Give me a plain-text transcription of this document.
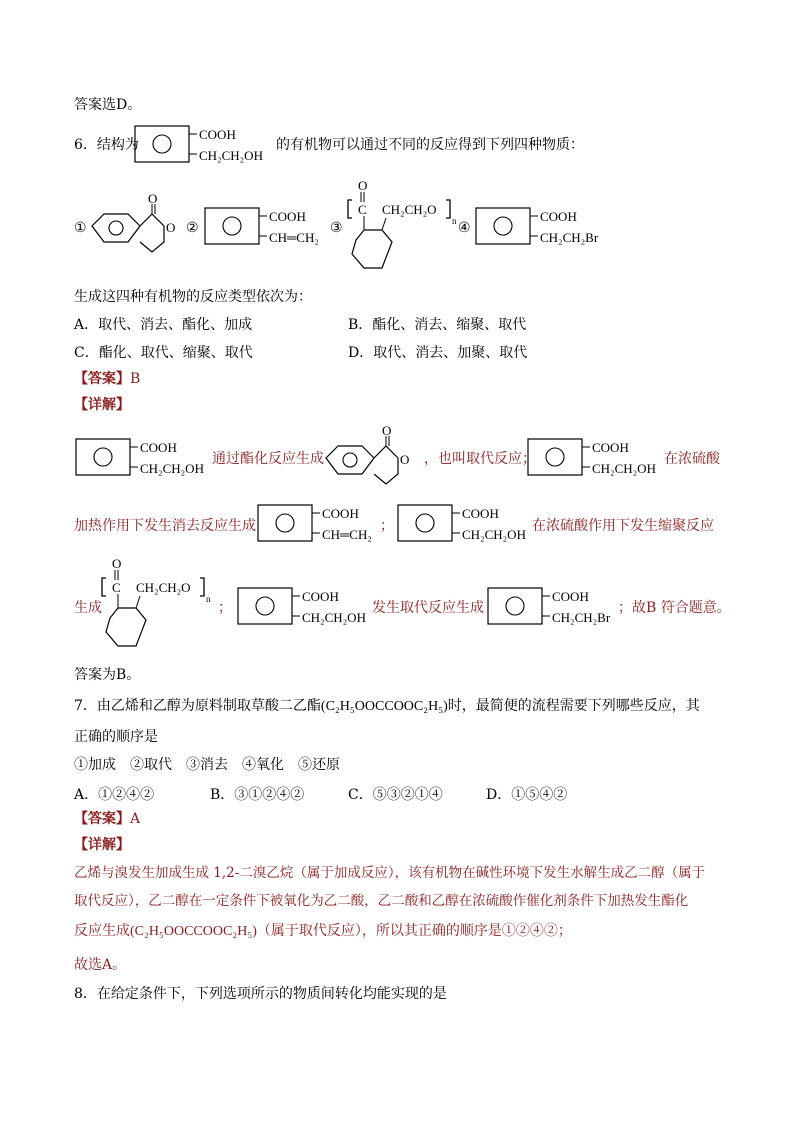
答案选D。
6．结构为
COOH
CH₂CH₂OH
的有机物可以通过不同的反应得到下列四种物质：
①
O
O ②
COOH
CH═CH₂
③
C
O
CH₂CH₂O
n ④
COOH
CH₂CH₂Br
生成这四种有机物的反应类型依次为：
A．取代、消去、酯化、加成	B．酯化、消去、缩聚、取代
C．酯化、取代、缩聚、取代	D．取代、消去、加聚、取代
【答案】B
【详解】
COOH
CH₂CH₂OH
通过酯化反应生成
O
O ，也叫取代反应；
COOH
CH₂CH₂OH
在浓硫酸
加热作用下发生消去反应生成
COOH
CH═CH₂
；
COOH
CH₂CH₂OH
在浓硫酸作用下发生缩聚反应
生成
C
O
CH₂CH₂O
n
；
COOH
CH₂CH₂OH
发生取代反应生成
COOH
CH₂CH₂Br
；故B 符合题意。
答案为B。
7．由乙烯和乙醇为原料制取草酸二乙酯(C₂H₅OOCCOOC₂H₅)时，最简便的流程需要下列哪些反应，其
正确的顺序是
①加成　②取代　③消去　④氧化　⑤还原
A．①②④②	B．③①②④②	C．⑤③②①④	D．①⑤④②
【答案】A
【详解】
乙烯与溴发生加成生成 1,2-二溴乙烷（属于加成反应），该有机物在碱性环境下发生水解生成乙二醇（属于
取代反应），乙二醇在一定条件下被氧化为乙二酸，乙二酸和乙醇在浓硫酸作催化剂条件下加热发生酯化
反应生成(C₂H₅OOCCOOC₂H₅)（属于取代反应），所以其正确的顺序是①②④②；
故选A。
8．在给定条件下，下列选项所示的物质间转化均能实现的是
